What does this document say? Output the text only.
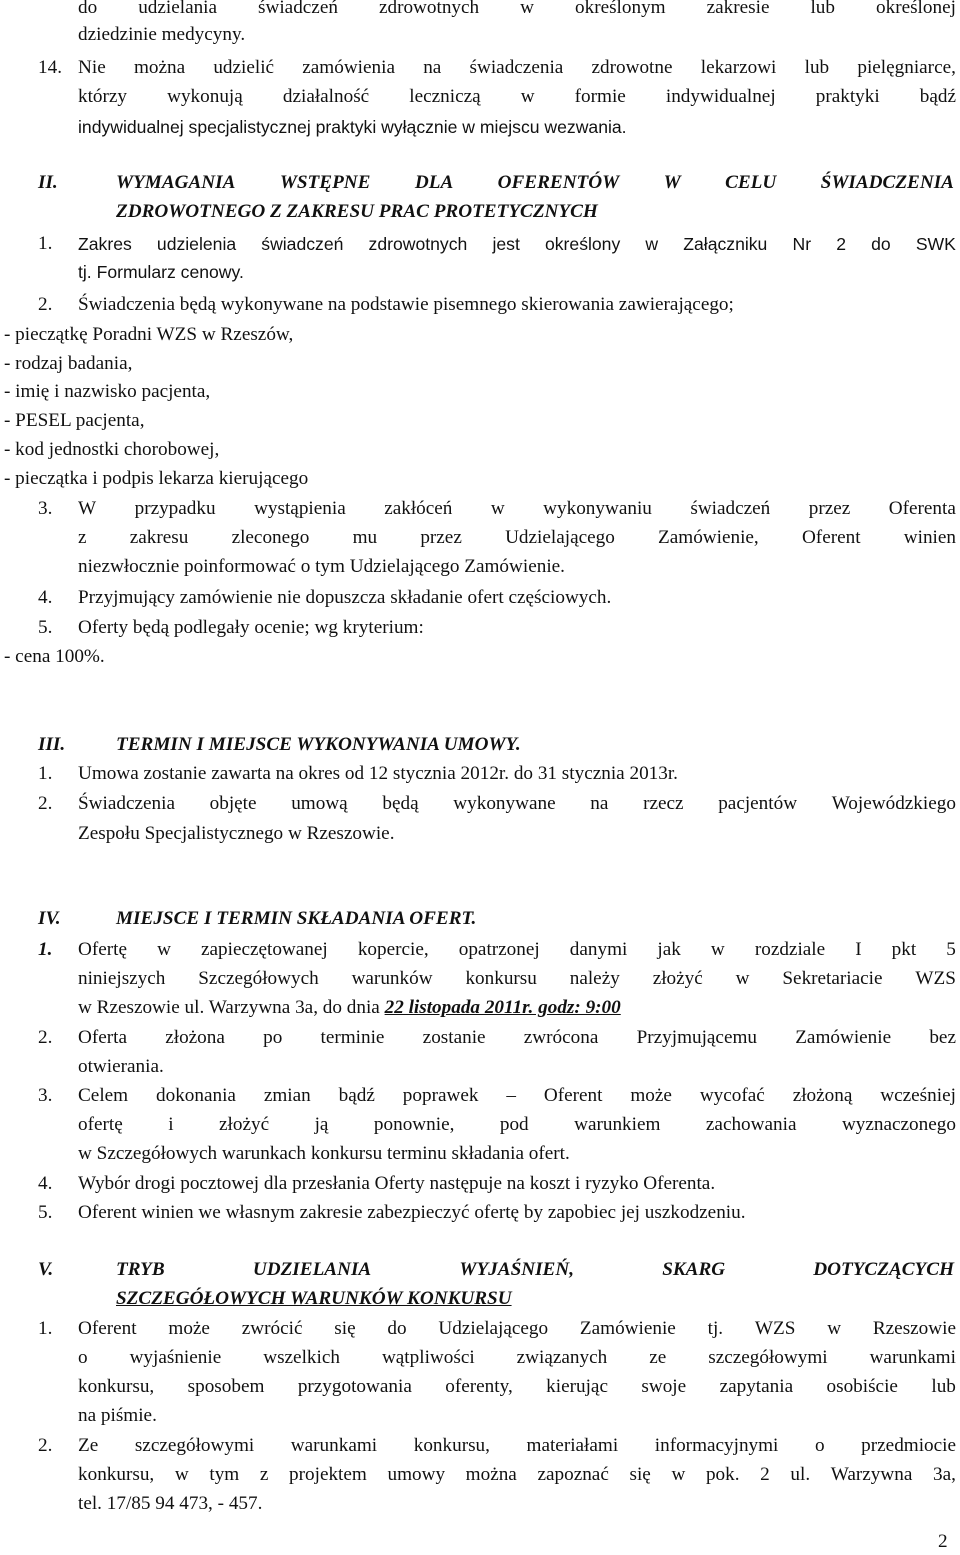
do udzielania świadczeń zdrowotnych w określonym zakresie lub określonej
dziedzinie medycyny.
14. Nie można udzielić zamówienia na świadczenia zdrowotne lekarzowi lub pielęgniarce,
którzy wykonują działalność leczniczą w formie indywidualnej praktyki bądź
indywidualnej specjalistycznej praktyki wyłącznie w miejscu wezwania.
II.	WYMAGANIA WSTĘPNE DLA OFERENTÓW W CELU ŚWIADCZENIA
ZDROWOTNEGO Z ZAKRESU PRAC PROTETYCZNYCH
1. Zakres udzielenia świadczeń zdrowotnych jest określony w Załączniku Nr 2 do SWK
tj. Formularz cenowy.
2. Świadczenia będą wykonywane na podstawie pisemnego skierowania zawierającego;
- pieczątkę Poradni WZS w Rzeszów,
- rodzaj badania,
- imię i nazwisko pacjenta,
- PESEL pacjenta,
- kod jednostki chorobowej,
- pieczątka i podpis lekarza kierującego
3. W przypadku wystąpienia zakłóceń w wykonywaniu świadczeń przez Oferenta
z zakresu zleconego mu przez Udzielającego Zamówienie, Oferent winien
niezwłocznie poinformować o tym Udzielającego Zamówienie.
4. Przyjmujący zamówienie nie dopuszcza składanie ofert częściowych.
5. Oferty będą podlegały ocenie; wg kryterium:
- cena 100%.
III.	TERMIN I MIEJSCE WYKONYWANIA UMOWY.
1. Umowa zostanie zawarta na okres od 12 stycznia 2012r. do 31 stycznia 2013r.
2. Świadczenia objęte umową będą wykonywane na rzecz pacjentów Wojewódzkiego
Zespołu Specjalistycznego w Rzeszowie.
IV.	MIEJSCE I TERMIN SKŁADANIA OFERT.
1. Ofertę w zapieczętowanej kopercie, opatrzonej danymi jak w rozdziale I pkt 5
niniejszych Szczegółowych warunków konkursu należy złożyć w Sekretariacie WZS
w Rzeszowie ul. Warzywna 3a, do dnia 22 listopada 2011r. godz: 9:00
2. Oferta złożona po terminie zostanie zwrócona Przyjmującemu Zamówienie bez
otwierania.
3. Celem dokonania zmian bądź poprawek – Oferent może wycofać złożoną wcześniej
ofertę i złożyć ją ponownie, pod warunkiem zachowania wyznaczonego
w Szczegółowych warunkach konkursu terminu składania ofert.
4. Wybór drogi pocztowej dla przesłania Oferty następuje na koszt i ryzyko Oferenta.
5. Oferent winien we własnym zakresie zabezpieczyć ofertę by zapobiec jej uszkodzeniu.
V.	TRYB	UDZIELANIA	WYJAŚNIEŃ,	SKARG	DOTYCZĄCYCH
SZCZEGÓŁOWYCH WARUNKÓW KONKURSU
1. Oferent może zwrócić się do Udzielającego Zamówienie tj. WZS w Rzeszowie
o wyjaśnienie wszelkich wątpliwości związanych ze szczegółowymi warunkami
konkursu, sposobem przygotowania oferenty, kierując swoje zapytania osobiście lub
na piśmie.
2. Ze szczegółowymi warunkami konkursu, materiałami informacyjnymi o przedmiocie
konkursu, w tym z projektem umowy można zapoznać się w pok. 2 ul. Warzywna 3a,
tel. 17/85 94 473, - 457.
2
